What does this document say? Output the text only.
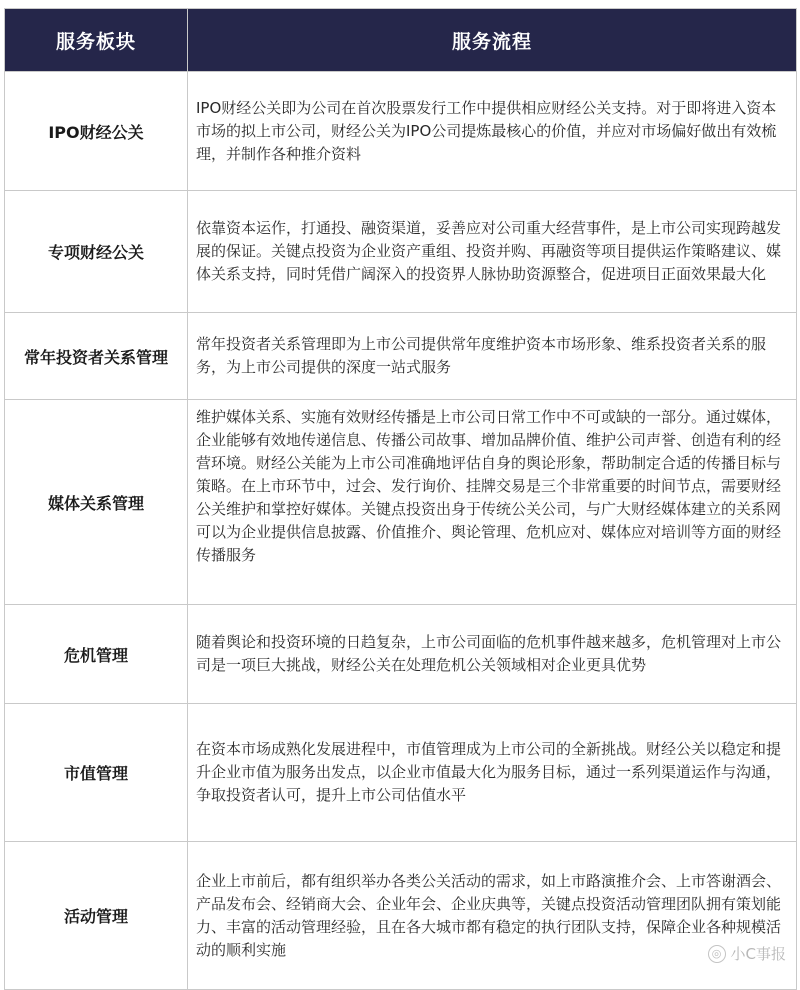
服务板块	服务流程
IPO财经公关	IPO财经公关即为公司在首次股票发行工作中提供相应财经公关支持。对于即将进入资本市场的拟上市公司，财经公关为IPO公司提炼最核心的价值，并应对市场偏好做出有效梳理，并制作各种推介资料

专项财经公关	依靠资本运作，打通投、融资渠道，妥善应对公司重大经营事件，是上市公司实现跨越发展的保证。关键点投资为企业资产重组、投资并购、再融资等项目提供运作策略建议、媒体关系支持，同时凭借广阔深入的投资界人脉协助资源整合，促进项目正面效果最大化

常年投资者关系管理	常年投资者关系管理即为上市公司提供常年度维护资本市场形象、维系投资者关系的服务，为上市公司提供的深度一站式服务

媒体关系管理	维护媒体关系、实施有效财经传播是上市公司日常工作中不可或缺的一部分。通过媒体，企业能够有效地传递信息、传播公司故事、增加品牌价值、维护公司声誉、创造有利的经营环境。财经公关能为上市公司准确地评估自身的舆论形象，帮助制定合适的传播目标与策略。在上市环节中，过会、发行询价、挂牌交易是三个非常重要的时间节点，需要财经公关维护和掌控好媒体。关键点投资出身于传统公关公司，与广大财经媒体建立的关系网可以为企业提供信息披露、价值推介、舆论管理、危机应对、媒体应对培训等方面的财经传播服务

危机管理	随着舆论和投资环境的日趋复杂，上市公司面临的危机事件越来越多，危机管理对上市公司是一项巨大挑战，财经公关在处理危机公关领域相对企业更具优势

市值管理	在资本市场成熟化发展进程中，市值管理成为上市公司的全新挑战。财经公关以稳定和提升企业市值为服务出发点，以企业市值最大化为服务目标，通过一系列渠道运作与沟通，争取投资者认可，提升上市公司估值水平

活动管理	企业上市前后，都有组织举办各类公关活动的需求，如上市路演推介会、上市答谢酒会、产品发布会、经销商大会、企业年会、企业庆典等，关键点投资活动管理团队拥有策划能力、丰富的活动管理经验，且在各大城市都有稳定的执行团队支持，保障企业各种规模活动的顺利实施	◎ 小C事报
